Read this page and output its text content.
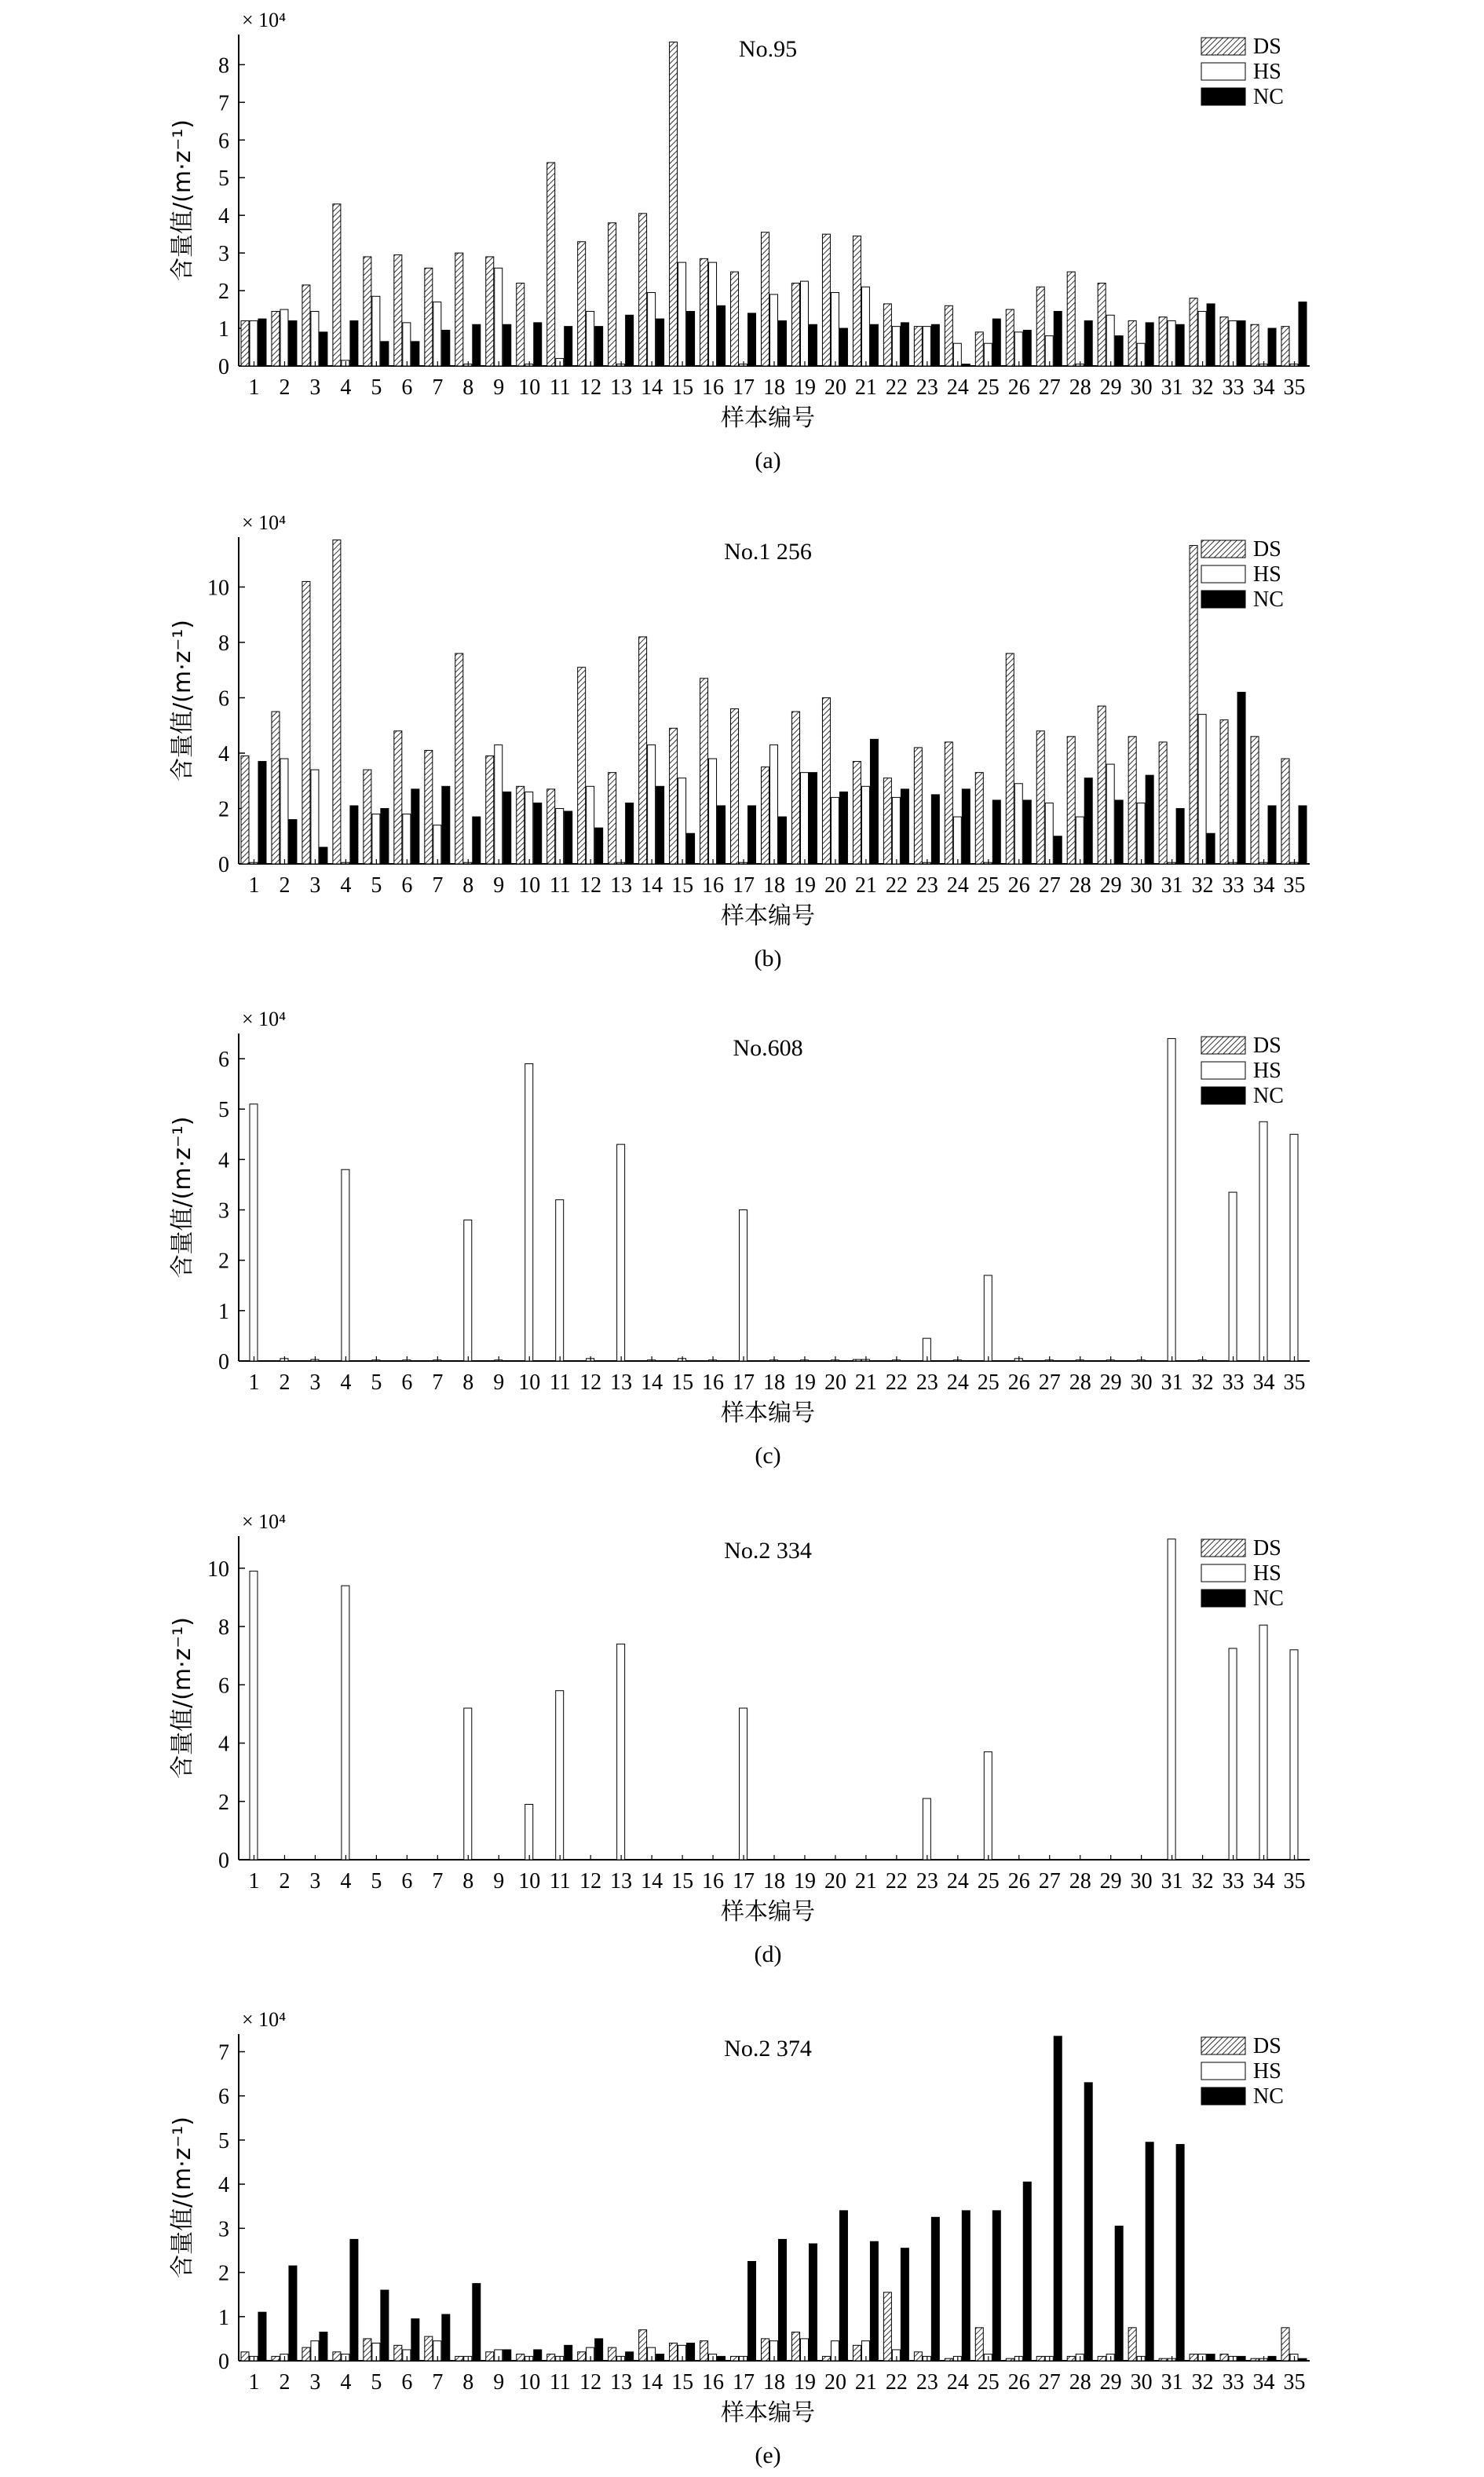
0
1
2
3
4
5
6
7
8
× 10⁴
No.95
1 2 3 4 5 6 7 8 9 10 11 12 13 14 15 16 17 18 19 20 21 22 23 24 25 26 27 28 29 30 31 32 33 34 35
样本编号
含量值/(m·z⁻¹)
DS
HS
NC
(a)
0
2
4
6
8
10
× 10⁴
No.1 256
1 2 3 4 5 6 7 8 9 10 11 12 13 14 15 16 17 18 19 20 21 22 23 24 25 26 27 28 29 30 31 32 33 34 35
样本编号
含量值/(m·z⁻¹)
DS
HS
NC
(b)
0
1
2
3
4
5
6
× 10⁴
No.608
1 2 3 4 5 6 7 8 9 10 11 12 13 14 15 16 17 18 19 20 21 22 23 24 25 26 27 28 29 30 31 32 33 34 35
样本编号
含量值/(m·z⁻¹)
DS
HS
NC
(c)
0
2
4
6
8
10
× 10⁴
No.2 334
1 2 3 4 5 6 7 8 9 10 11 12 13 14 15 16 17 18 19 20 21 22 23 24 25 26 27 28 29 30 31 32 33 34 35
样本编号
含量值/(m·z⁻¹)
DS
HS
NC
(d)
0
1
2
3
4
5
6
7
× 10⁴
No.2 374
1 2 3 4 5 6 7 8 9 10 11 12 13 14 15 16 17 18 19 20 21 22 23 24 25 26 27 28 29 30 31 32 33 34 35
样本编号
含量值/(m·z⁻¹)
DS
HS
NC
(e)
